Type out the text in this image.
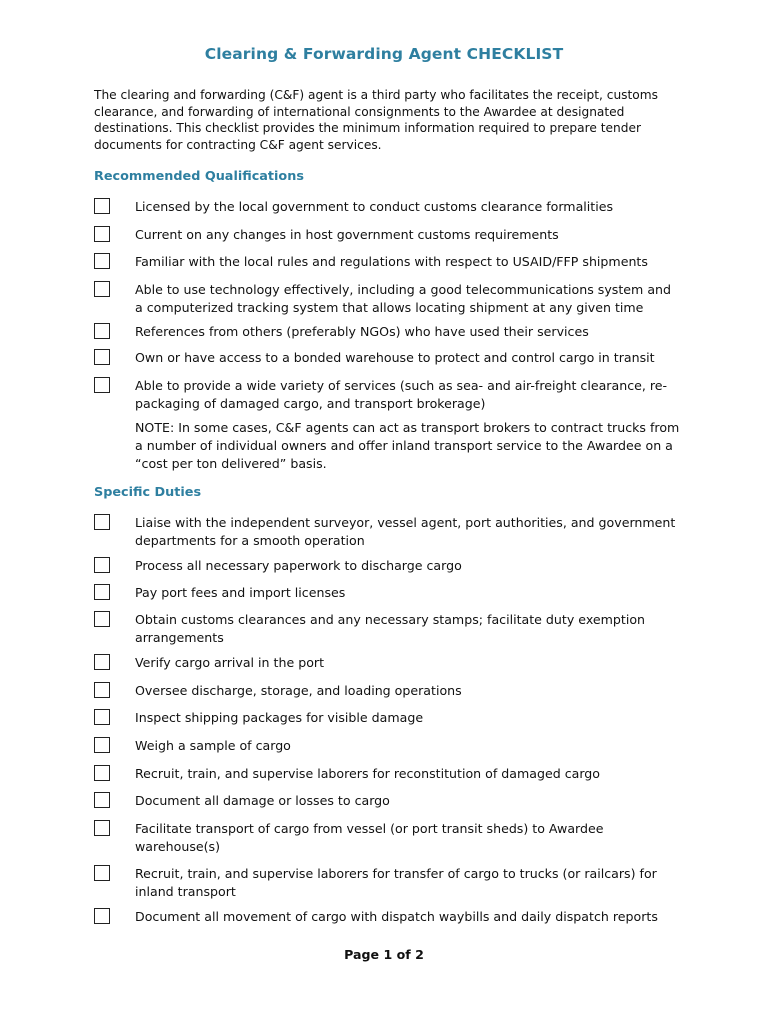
Clearing & Forwarding Agent CHECKLIST
The clearing and forwarding (C&F) agent is a third party who facilitates the receipt, customs clearance, and forwarding of international consignments to the Awardee at designated destinations. This checklist provides the minimum information required to prepare tender documents for contracting C&F agent services.
Recommended Qualifications
Licensed by the local government to conduct customs clearance formalities
Current on any changes in host government customs requirements
Familiar with the local rules and regulations with respect to USAID/FFP shipments
Able to use technology effectively, including a good telecommunications system and a computerized tracking system that allows locating shipment at any given time
References from others (preferably NGOs) who have used their services
Own or have access to a bonded warehouse to protect and control cargo in transit
Able to provide a wide variety of services (such as sea- and air-freight clearance, re-packaging of damaged cargo, and transport brokerage)
NOTE: In some cases, C&F agents can act as transport brokers to contract trucks from a number of individual owners and offer inland transport service to the Awardee on a “cost per ton delivered” basis.
Specific Duties
Liaise with the independent surveyor, vessel agent, port authorities, and government departments for a smooth operation
Process all necessary paperwork to discharge cargo
Pay port fees and import licenses
Obtain customs clearances and any necessary stamps; facilitate duty exemption arrangements
Verify cargo arrival in the port
Oversee discharge, storage, and loading operations
Inspect shipping packages for visible damage
Weigh a sample of cargo
Recruit, train, and supervise laborers for reconstitution of damaged cargo
Document all damage or losses to cargo
Facilitate transport of cargo from vessel (or port transit sheds) to Awardee warehouse(s)
Recruit, train, and supervise laborers for transfer of cargo to trucks (or railcars) for inland transport
Document all movement of cargo with dispatch waybills and daily dispatch reports
Page 1 of 2
